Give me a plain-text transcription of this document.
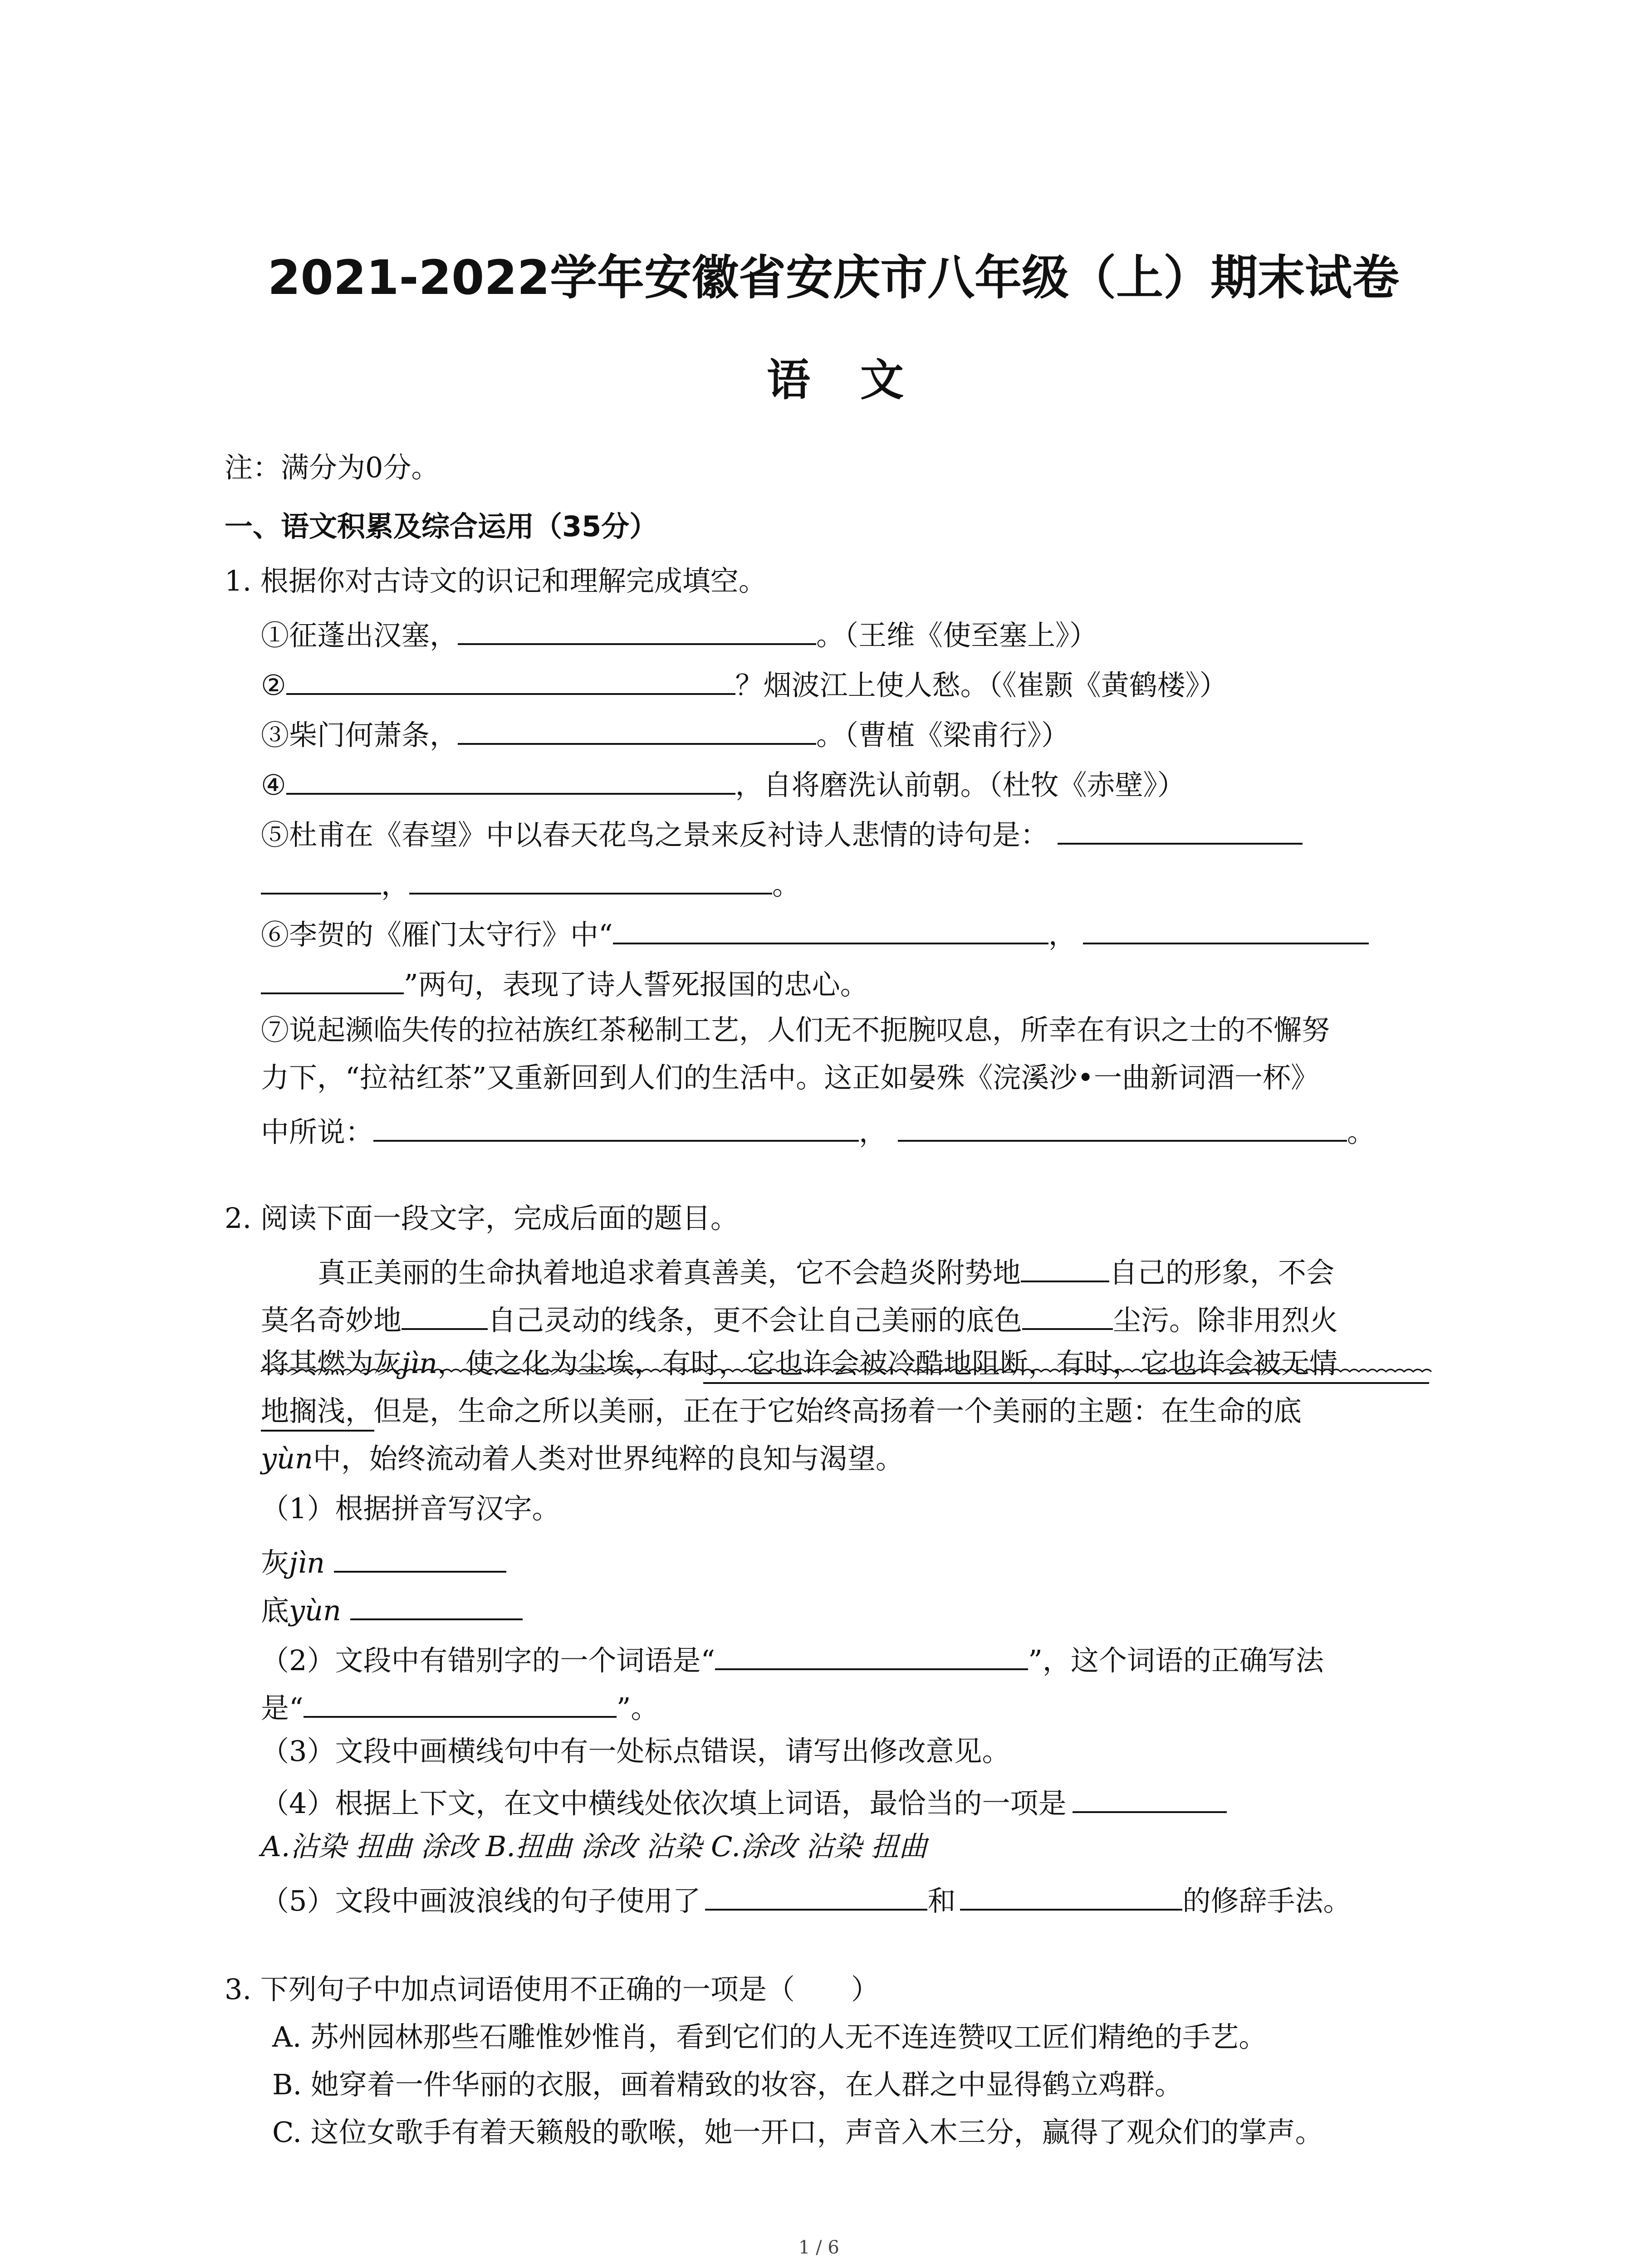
2021-2022学年安徽省安庆市八年级（上）期末试卷
语文
注：满分为0分。
一、语文积累及综合运用（35分）
1. 根据你对古诗文的识记和理解完成填空。
①征蓬出汉塞，	。（王维《使至塞上》）
②	？烟波江上使人愁。（《崔颢《黄鹤楼》）
③柴门何萧条，	。（曹植《梁甫行》）
④	，自将磨洗认前朝。（杜牧《赤壁》）
⑤杜甫在《春望》中以春天花鸟之景来反衬诗人悲情的诗句是：
，	。
⑥李贺的《雁门太守行》中“	，
”两句，表现了诗人誓死报国的忠心。
⑦说起濒临失传的拉祜族红茶秘制工艺，人们无不扼腕叹息，所幸在有识之士的不懈努
力下，“拉祜红茶”又重新回到人们的生活中。这正如晏殊《浣溪沙•一曲新词酒一杯》
中所说：	，	。
2. 阅读下面一段文字，完成后面的题目。
真正美丽的生命执着地追求着真善美，它不会趋炎附势地	自己的形象，不会
莫名奇妙地	自己灵动的线条，更不会让自己美丽的底色	尘污。除非用烈火
将其燃为灰jìn，使之化为尘埃，有时，它也许会被冷酷地阻断，有时，它也许会被无情
地搁浅，但是，生命之所以美丽，正在于它始终高扬着一个美丽的主题：在生命的底
yùn中，始终流动着人类对世界纯粹的良知与渴望。
（1）根据拼音写汉字。
灰jìn
底yùn
（2）文段中有错别字的一个词语是“	”，这个词语的正确写法
是“	”。
（3）文段中画横线句中有一处标点错误，请写出修改意见。
（4）根据上下文，在文中横线处依次填上词语，最恰当的一项是
A.沾染 扭曲 涂改 B.扭曲 涂改 沾染 C.涂改 沾染 扭曲
（5）文段中画波浪线的句子使用了	和	的修辞手法。
3. 下列句子中加点词语使用不正确的一项是（　　）
A. 苏州园林那些石雕惟妙惟肖，看到它们的人无不连连赞叹工匠们精绝的手艺。
B. 她穿着一件华丽的衣服，画着精致的妆容，在人群之中显得鹤立鸡群。
C. 这位女歌手有着天籁般的歌喉，她一开口，声音入木三分，赢得了观众们的掌声。
1 / 6
